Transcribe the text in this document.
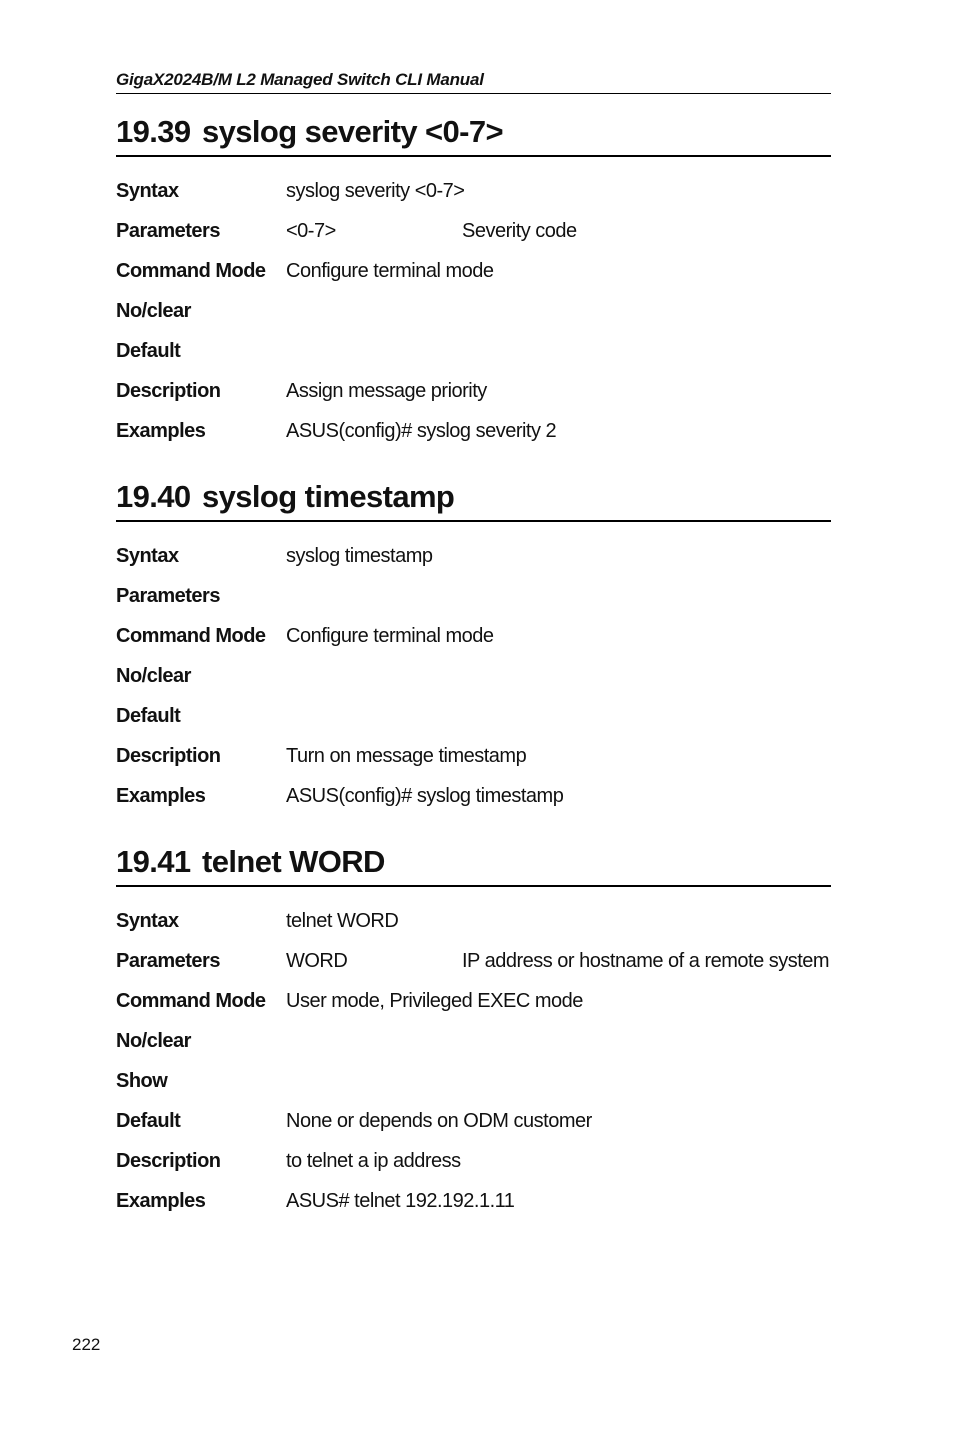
GigaX2024B/M L2 Managed Switch CLI Manual
19.39 syslog severity <0-7>
Syntax	syslog severity <0-7>
Parameters	<0-7>	Severity code
Command Mode	Configure terminal mode
No/clear
Default
Description	Assign message priority
Examples	ASUS(config)# syslog severity 2
19.40 syslog timestamp
Syntax	syslog timestamp
Parameters
Command Mode	Configure terminal mode
No/clear
Default
Description	Turn on message timestamp
Examples	ASUS(config)# syslog timestamp
19.41 telnet WORD
Syntax	telnet WORD
Parameters	WORD	IP address or hostname of a remote system
Command Mode	User mode, Privileged EXEC mode
No/clear
Show
Default	None or depends on ODM customer
Description	to telnet a ip address
Examples	ASUS# telnet 192.192.1.11
222
